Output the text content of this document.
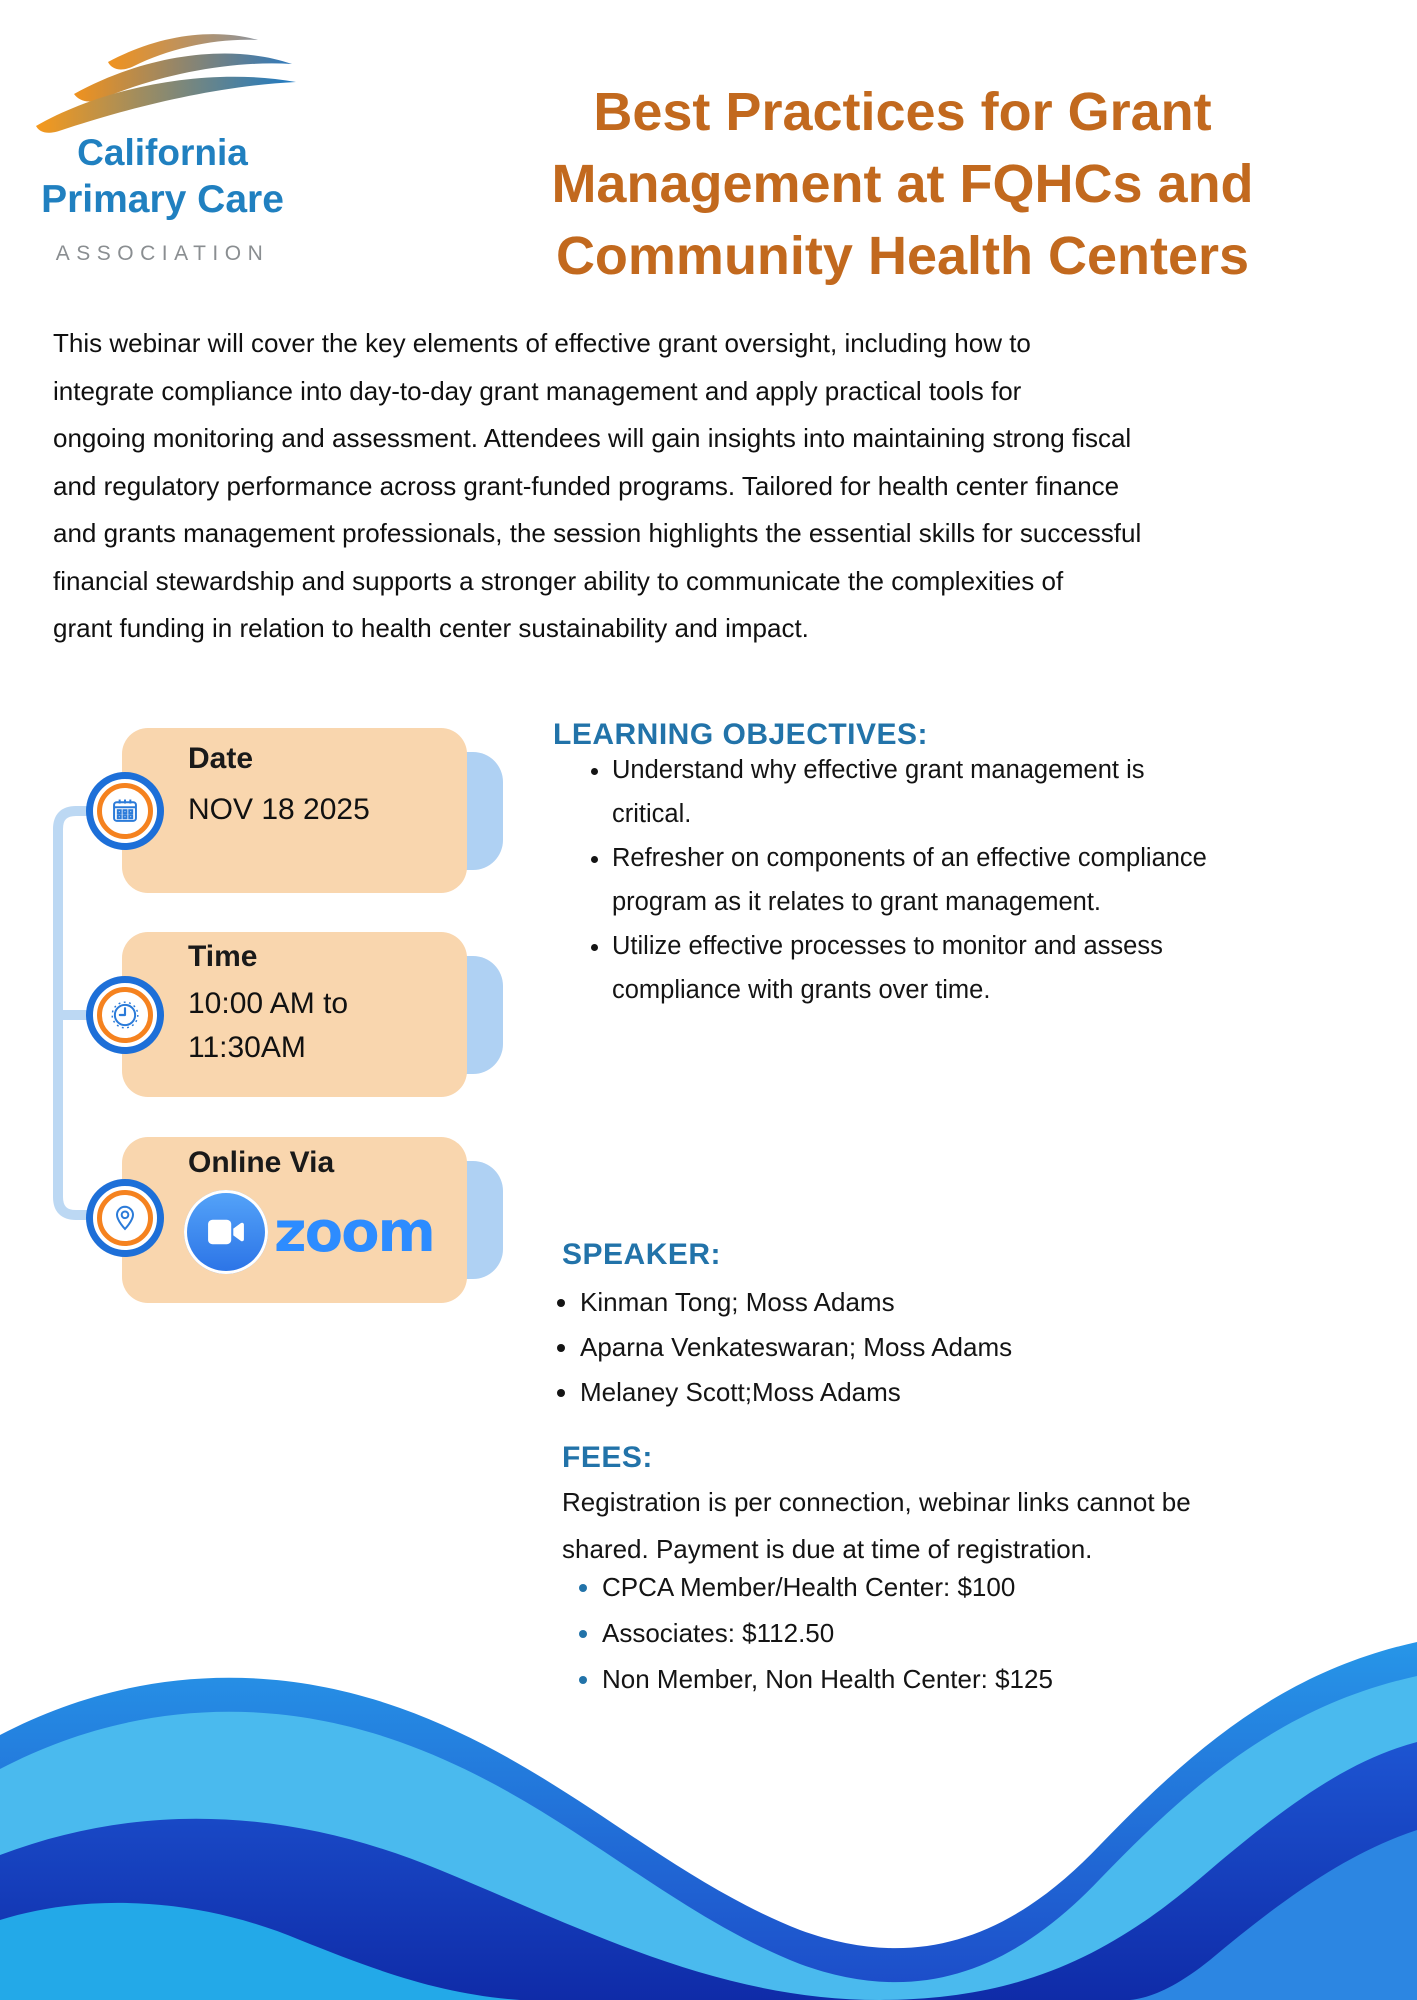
California
Primary Care
ASSOCIATION
Best Practices for Grant
Management at FQHCs and
Community Health Centers
This webinar will cover the key elements of effective grant oversight, including how to
integrate compliance into day-to-day grant management and apply practical tools for
ongoing monitoring and assessment. Attendees will gain insights into maintaining strong fiscal
and regulatory performance across grant-funded programs. Tailored for health center finance
and grants management professionals, the session highlights the essential skills for successful
financial stewardship and supports a stronger ability to communicate the complexities of
grant funding in relation to health center sustainability and impact.
Date
NOV 18 2025
Time
10:00 AM to 11:30AM
Online Via
zoom
LEARNING OBJECTIVES:
• Understand why effective grant management is critical.
• Refresher on components of an effective compliance program as it relates to grant management.
• Utilize effective processes to monitor and assess compliance with grants over time.
SPEAKER:
• Kinman Tong; Moss Adams
• Aparna Venkateswaran; Moss Adams
• Melaney Scott;Moss Adams
FEES:
Registration is per connection, webinar links cannot be
shared. Payment is due at time of registration.
• CPCA Member/Health Center: $100
• Associates: $112.50
• Non Member, Non Health Center: $125
